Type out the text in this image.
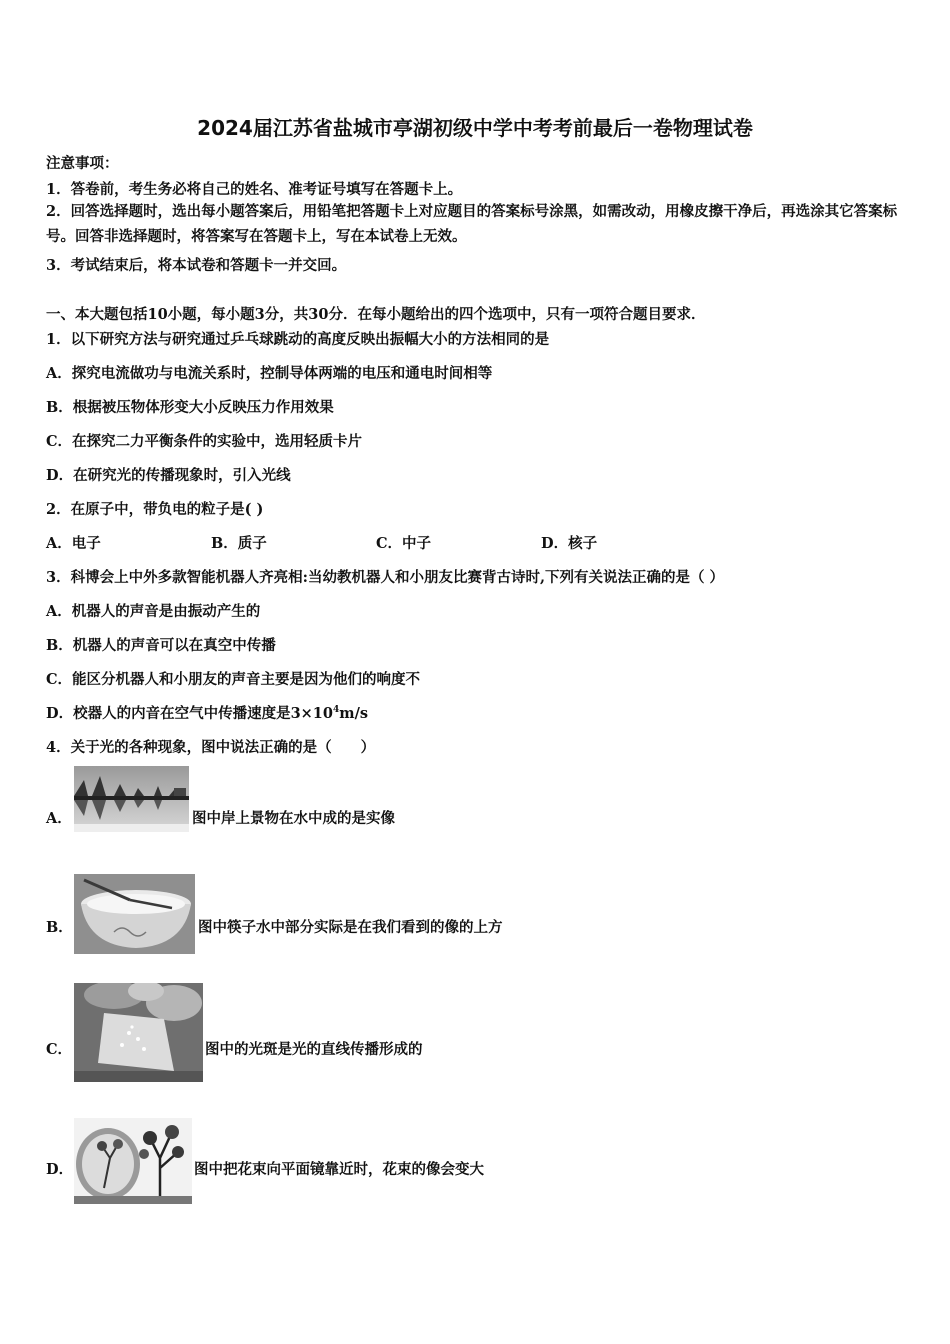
2024届江苏省盐城市亭湖初级中学中考考前最后一卷物理试卷
注意事项：
1．答卷前，考生务必将自己的姓名、准考证号填写在答题卡上。
2．回答选择题时，选出每小题答案后，用铅笔把答题卡上对应题目的答案标号涂黑，如需改动，用橡皮擦干净后，再选涂其它答案标号。回答非选择题时，将答案写在答题卡上，写在本试卷上无效。
3．考试结束后，将本试卷和答题卡一并交回。
一、本大题包括10小题，每小题3分，共30分．在每小题给出的四个选项中，只有一项符合题目要求．
1．以下研究方法与研究通过乒乓球跳动的高度反映出振幅大小的方法相同的是
A．探究电流做功与电流关系时，控制导体两端的电压和通电时间相等
B．根据被压物体形变大小反映压力作用效果
C．在探究二力平衡条件的实验中，选用轻质卡片
D．在研究光的传播现象时，引入光线
2．在原子中，带负电的粒子是( )
A．电子	B．质子	C．中子	D．核子
3．科博会上中外多款智能机器人齐亮相:当幼教机器人和小朋友比赛背古诗时,下列有关说法正确的是（ ）
A．机器人的声音是由振动产生的
B．机器人的声音可以在真空中传播
C．能区分机器人和小朋友的声音主要是因为他们的响度不
D．校器人的内音在空气中传播速度是$3\times 10^4m/s$
4．关于光的各种现象，图中说法正确的是（　　）
A．	图中岸上景物在水中成的是实像
B．	图中筷子水中部分实际是在我们看到的像的上方
C．	图中的光斑是光的直线传播形成的
D．	图中把花束向平面镜靠近时，花束的像会变大
